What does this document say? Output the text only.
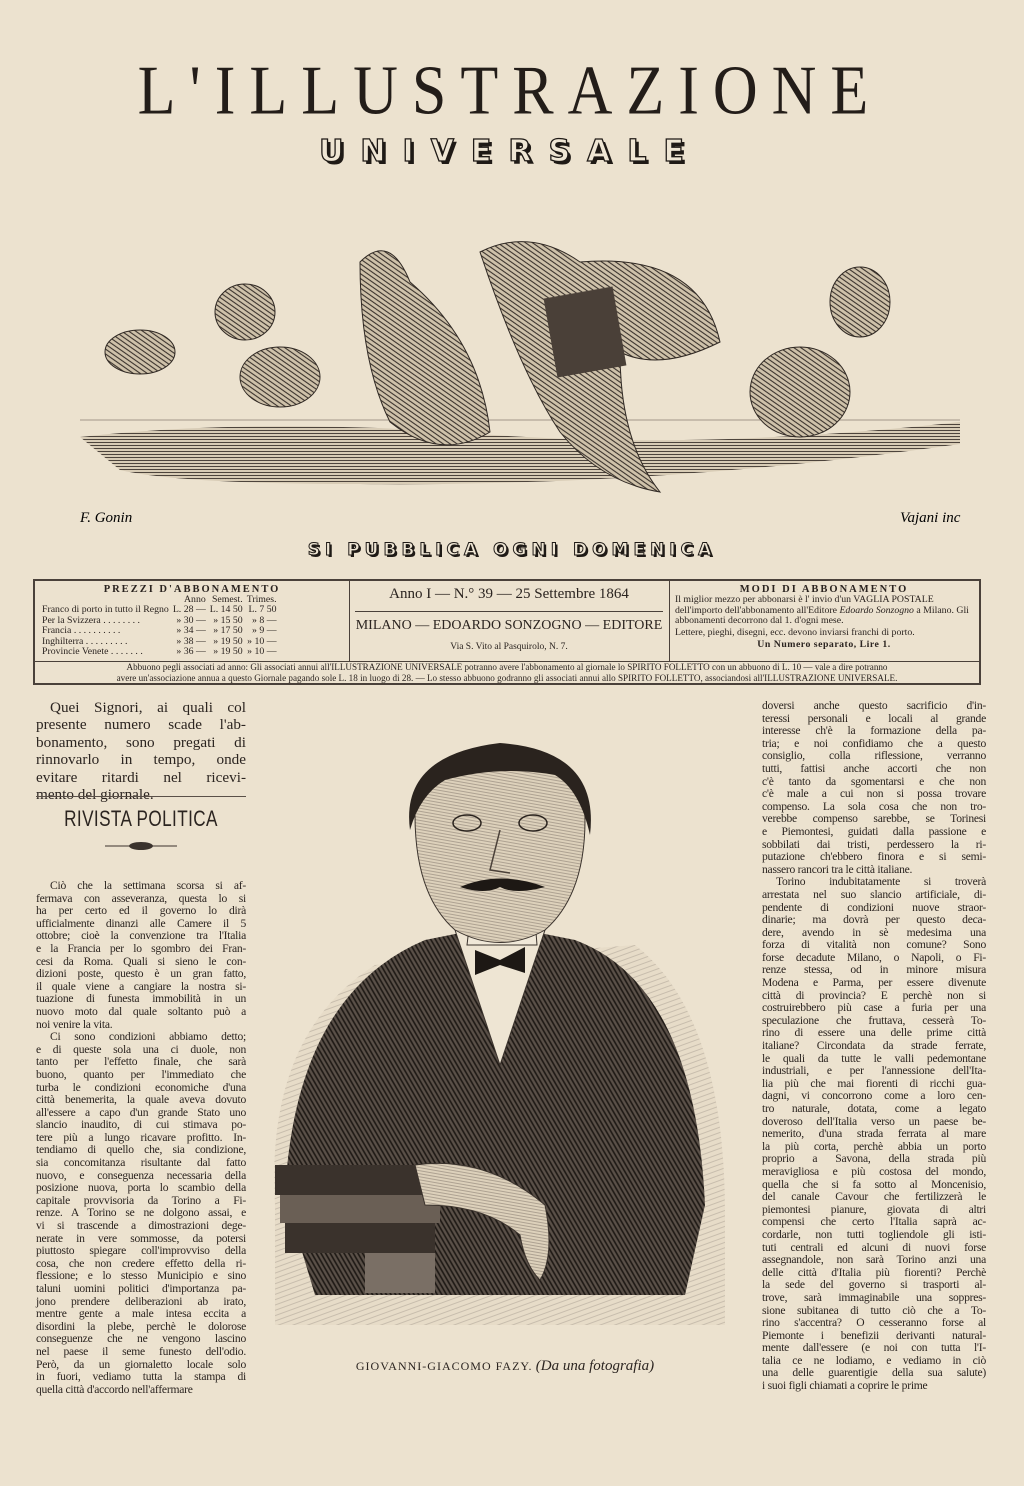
L'ILLUSTRAZIONE
UNIVERSALE
F. Gonin	Vajani inc
SI PUBBLICA OGNI DOMENICA
PREZZI D'ABBONAMENTO
	Anno	Semest.	Trimes.
Franco di porto in tutto il Regno	L. 28 —	L. 14 50	L. 7 50
Per la Svizzera . . . . . . . .	» 30 —	» 15 50	» 8 —
Francia . . . . . . . . . .	» 34 —	» 17 50	» 9 —
Inghilterra . . . . . . . . .	» 38 —	» 19 50	» 10 —
Provincie Venete . . . . . . .	» 36 —	» 19 50	» 10 —
Anno I — N.° 39 — 25 Settembre 1864
MILANO — EDOARDO SONZOGNO — EDITORE
Via S. Vito al Pasquirolo, N. 7.
MODI DI ABBONAMENTO
Il miglior mezzo per abbonarsi è l' invio d'un VAGLIA POSTALE dell'importo dell'abbonamento all'Editore Edoardo Sonzogno a Milano. Gli abbonamenti decorrono dal 1. d'ogni mese.
Lettere, pieghi, disegni, ecc. devono inviarsi franchi di porto.
Un Numero separato, Lire 1.
Abbuono pegli associati ad anno: Gli associati annui all'ILLUSTRAZIONE UNIVERSALE potranno avere l'abbonamento al giornale lo SPIRITO FOLLETTO con un abbuono di L. 10 — vale a dire potranno
avere un'associazione annua a questo Giornale pagando sole L. 18 in luogo di 28. — Lo stesso abbuono godranno gli associati annui allo SPIRITO FOLLETTO, associandosi all'ILLUSTRAZIONE UNIVERSALE.
Quei Signori, ai quali col
presente numero scade l'ab-
bonamento, sono pregati di
rinnovarlo in tempo, onde
evitare ritardi nel ricevi-
mento del giornale.
RIVISTA POLITICA
Ciò che la settimana scorsa si af-
fermava con asseveranza, questa lo si
ha per certo ed il governo lo dirà
ufficialmente dinanzi alle Camere il 5
ottobre; cioè la convenzione tra l'Italia
e la Francia per lo sgombro dei Fran-
cesi da Roma. Quali si sieno le con-
dizioni poste, questo è un gran fatto,
il quale viene a cangiare la nostra si-
tuazione di funesta immobilità in un
nuovo moto dal quale soltanto può a
noi venire la vita.
Ci sono condizioni abbiamo detto;
e di queste sola una ci duole, non
tanto per l'effetto finale, che sarà
buono, quanto per l'immediato che
turba le condizioni economiche d'una
città benemerita, la quale aveva dovuto
all'essere a capo d'un grande Stato uno
slancio inaudito, di cui stimava po-
tere più a lungo ricavare profitto. In-
tendiamo di quello che, sia condizione,
sia concomitanza risultante dal fatto
nuovo, e conseguenza necessaria della
posizione nuova, porta lo scambio della
capitale provvisoria da Torino a Fi-
renze. A Torino se ne dolgono assai, e
vi si trascende a dimostrazioni dege-
nerate in vere sommosse, da potersi
piuttosto spiegare coll'improvviso della
cosa, che non credere effetto della ri-
flessione; e lo stesso Municipio e sino
taluni uomini politici d'importanza pa-
jono prendere deliberazioni ab irato,
mentre gente a male intesa eccita a
disordini la plebe, perchè le dolorose
conseguenze che ne vengono lascino
nel paese il seme funesto dell'odio.
Però, da un giornaletto locale solo
in fuori, vediamo tutta la stampa di
quella città d'accordo nell'affermare
doversi anche questo sacrificio d'in-
teressi personali e locali al grande
interesse ch'è la formazione della pa-
tria; e noi confidiamo che a questo
consiglio, colla riflessione, verranno
tutti, fattisi anche accorti che non
c'è tanto da sgomentarsi e che non
c'è male a cui non si possa trovare
compenso. La sola cosa che non tro-
verebbe compenso sarebbe, se Torinesi
e Piemontesi, guidati dalla passione e
sobbilati dai tristi, perdessero la ri-
putazione ch'ebbero finora e si semi-
nassero rancori tra le città italiane.
Torino indubitatamente si troverà
arrestata nel suo slancio artificiale, di-
pendente di condizioni nuove straor-
dinarie; ma dovrà per questo deca-
dere, avendo in sè medesima una
forza di vitalità non comune? Sono
forse decadute Milano, o Napoli, o Fi-
renze stessa, od in minore misura
Modena e Parma, per essere divenute
città di provincia? E perchè non si
costruirebbero più case a furia per una
speculazione che fruttava, cesserà To-
rino di essere una delle prime città
italiane? Circondata da strade ferrate,
le quali da tutte le valli pedemontane
industriali, e per l'annessione dell'Ita-
lia più che mai fiorenti di ricchi gua-
dagni, vi concorrono come a loro cen-
tro naturale, dotata, come a legato
doveroso dell'Italia verso un paese be-
nemerito, d'una strada ferrata al mare
la più corta, perchè abbia un porto
proprio a Savona, della strada più
meravigliosa e più costosa del mondo,
quella che si fa sotto al Moncenisio,
del canale Cavour che fertilizzerà le
piemontesi pianure, giovata di altri
compensi che certo l'Italia saprà ac-
cordarle, non tutti togliendole gli isti-
tuti centrali ed alcuni di nuovi forse
assegnandole, non sarà Torino anzi una
delle città d'Italia più fiorenti? Perchè
la sede del governo si trasporti al-
trove, sarà immaginabile una soppres-
sione subitanea di tutto ciò che a To-
rino s'accentra? O cesseranno forse al
Piemonte i benefizii derivanti natural-
mente dall'essere (e noi con tutta l'I-
talia ce ne lodiamo, e vediamo in ciò
una delle guarentigie della sua salute)
i suoi figli chiamati a coprire le prime
GIOVANNI-GIACOMO FAZY. (Da una fotografia)
